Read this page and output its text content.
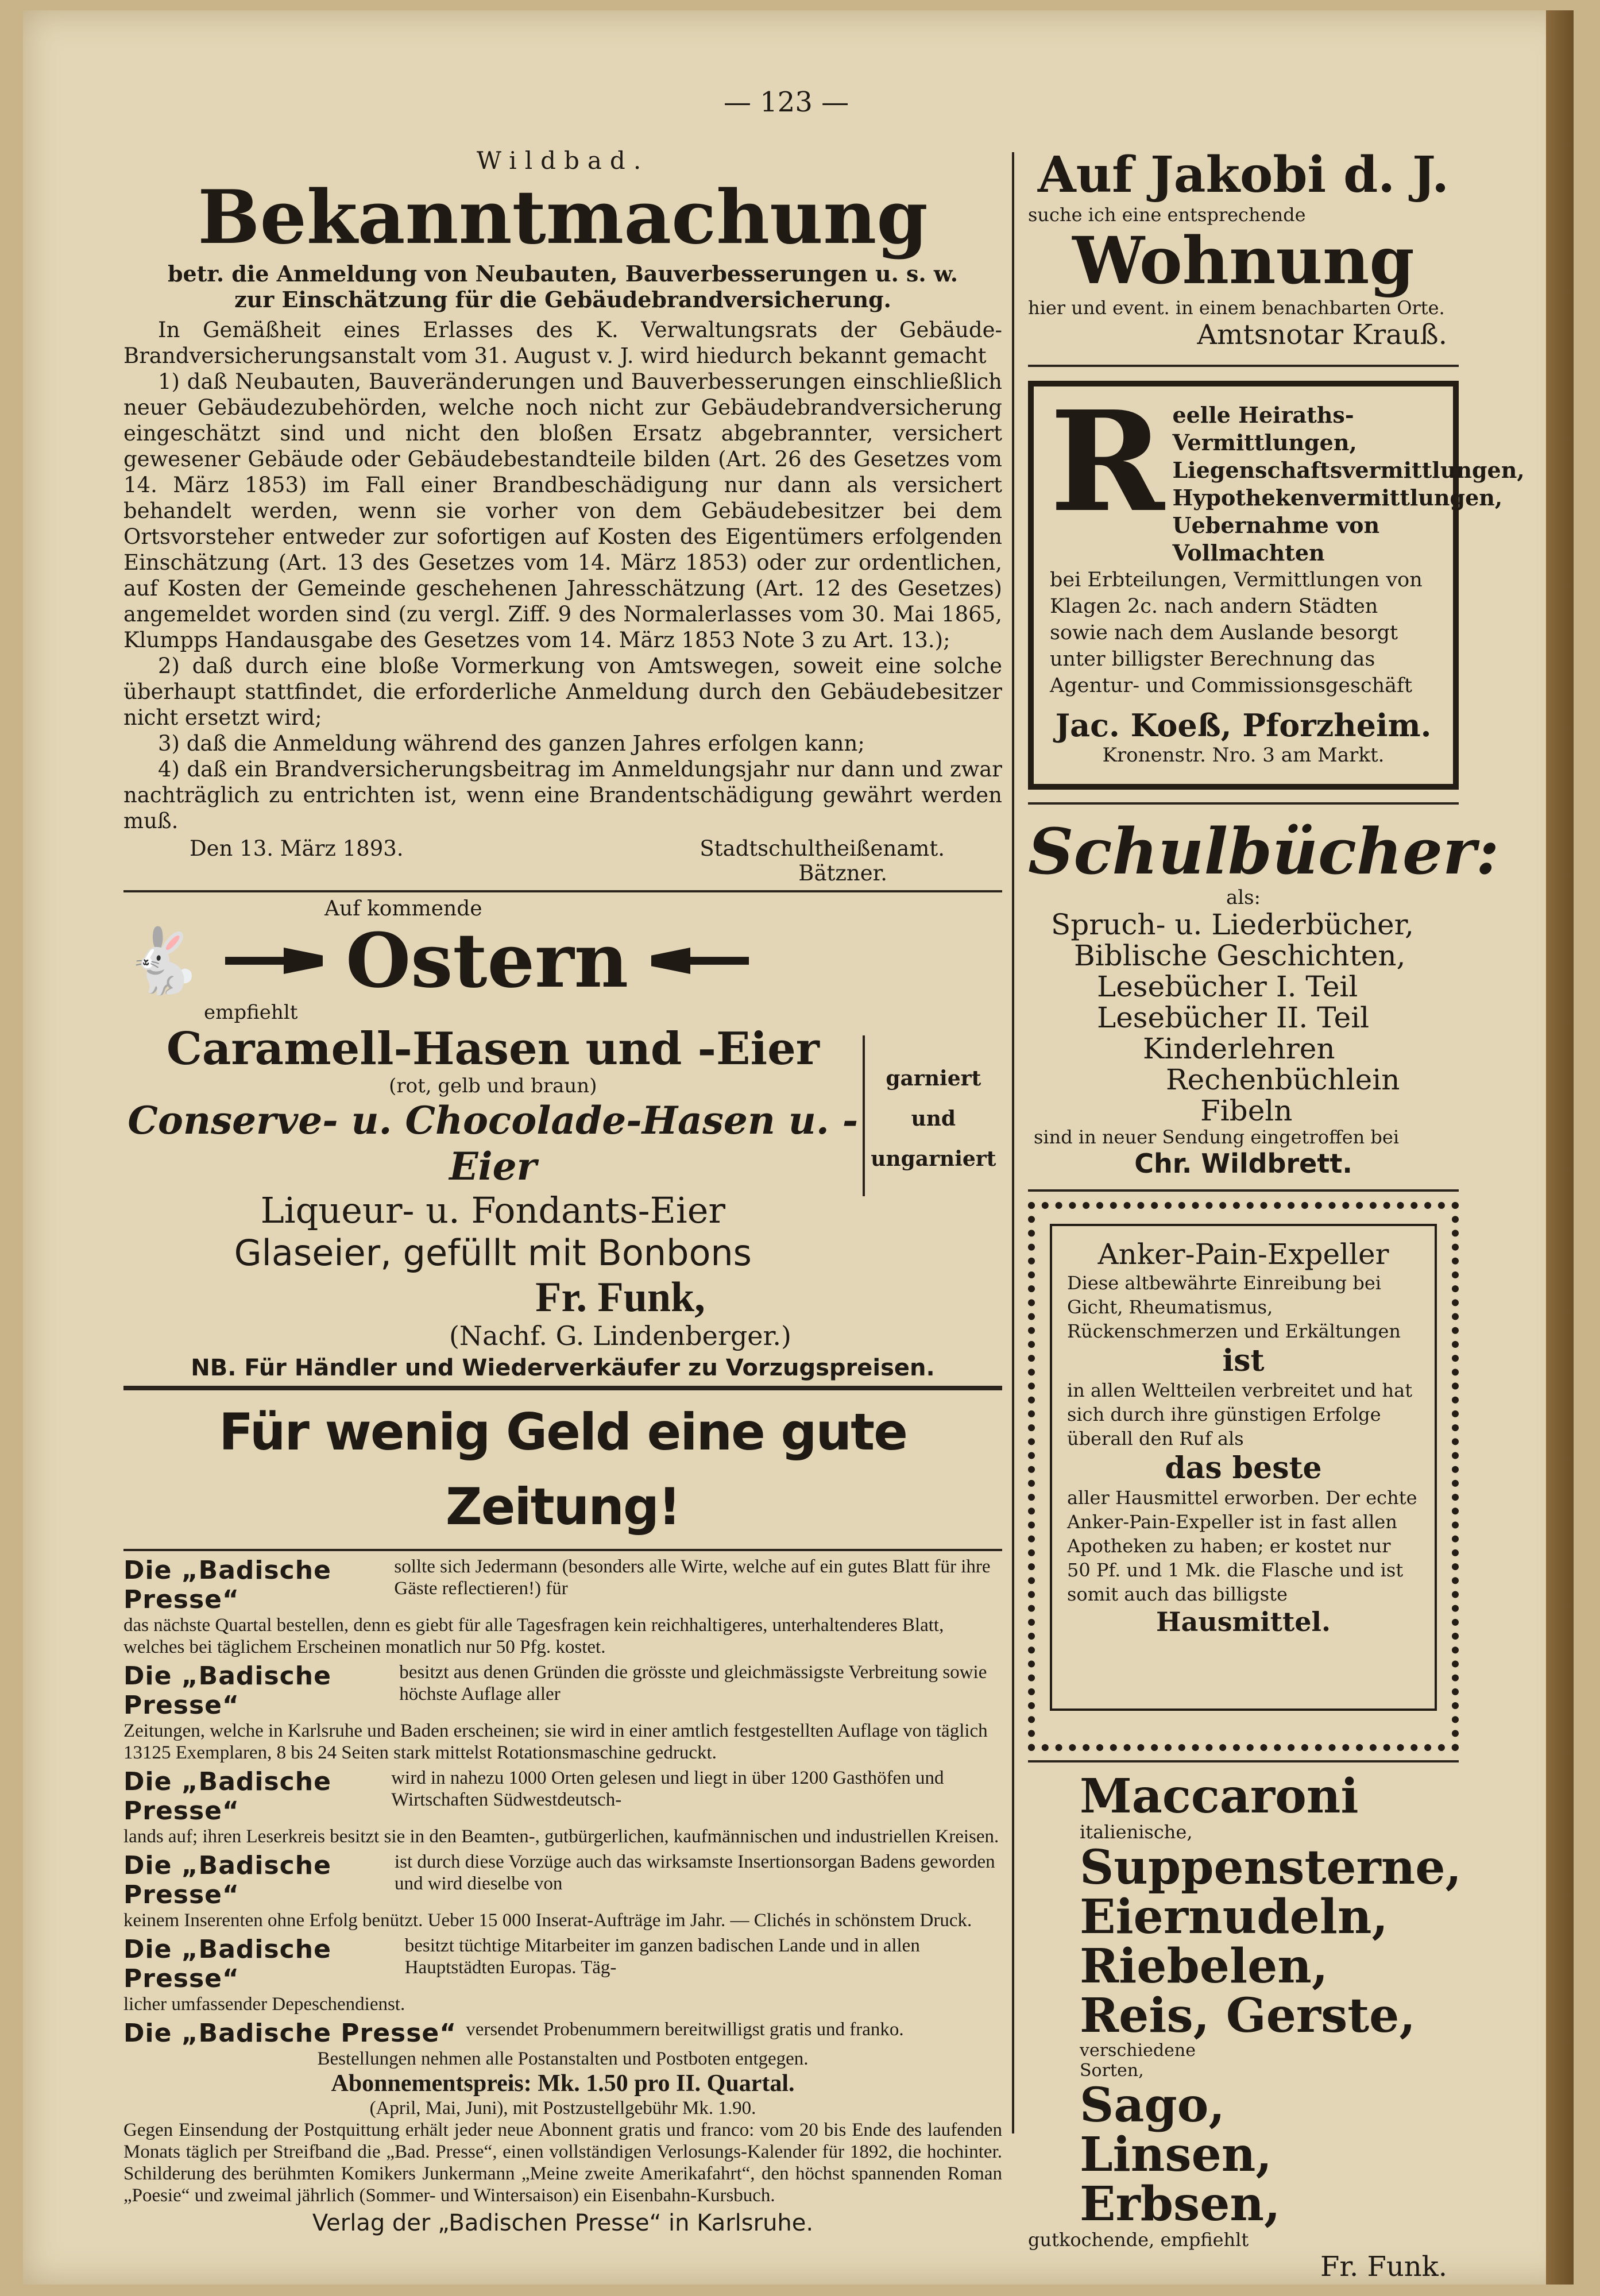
— 123 —
Wildbad.
Bekanntmachung
betr. die Anmeldung von Neubauten, Bauverbesserungen u. s. w.
zur Einschätzung für die Gebäudebrandversicherung.

In Gemäßheit eines Erlasses des K. Verwaltungsrats der Gebäude-Brandversicherungsanstalt vom 31. August v. J. wird hiedurch bekannt gemacht

1) daß Neubauten, Bauveränderungen und Bauverbesserungen einschließlich neuer Gebäudezubehörden, welche noch nicht zur Gebäudebrandversicherung eingeschätzt sind und nicht den bloßen Ersatz abgebrannter, versichert gewesener Gebäude oder Gebäudebestandteile bilden (Art. 26 des Gesetzes vom 14. März 1853) im Fall einer Brandbeschädigung nur dann als versichert behandelt werden, wenn sie vorher von dem Gebäudebesitzer bei dem Ortsvorsteher entweder zur sofortigen auf Kosten des Eigentümers erfolgenden Einschätzung (Art. 13 des Gesetzes vom 14. März 1853) oder zur ordentlichen, auf Kosten der Gemeinde geschehenen Jahresschätzung (Art. 12 des Gesetzes) angemeldet worden sind (zu vergl. Ziff. 9 des Normalerlasses vom 30. Mai 1865, Klumpps Handausgabe des Gesetzes vom 14. März 1853 Note 3 zu Art. 13.);

2) daß durch eine bloße Vormerkung von Amtswegen, soweit eine solche überhaupt stattfindet, die erforderliche Anmeldung durch den Gebäudebesitzer nicht ersetzt wird;

3) daß die Anmeldung während des ganzen Jahres erfolgen kann;

4) daß ein Brandversicherungsbeitrag im Anmeldungsjahr nur dann und zwar nachträglich zu entrichten ist, wenn eine Brandentschädigung gewährt werden muß.

Den 13. März 1893.	Stadtschultheißenamt.
Bätzner.
Auf kommende
🐇 Ostern
empfiehlt
Caramell-Hasen und -Eier
(rot, gelb und braun)
Conserve- u. Chocolade-Hasen u. -Eier
Liqueur- u. Fondants-Eier
Glaseier, gefüllt mit Bonbons
garniert
und
ungarniert
Fr. Funk,
(Nachf. G. Lindenberger.)
NB. Für Händler und Wiederverkäufer zu Vorzugspreisen.
Für wenig Geld eine gute Zeitung!
Die „Badische Presse“
sollte sich Jedermann (besonders alle Wirte, welche auf ein gutes Blatt für ihre Gäste reflectieren!) für
das nächste Quartal bestellen, denn es giebt für alle Tagesfragen kein reichhaltigeres, unterhaltenderes Blatt, welches bei täglichem Erscheinen monatlich nur 50 Pfg. kostet.
Die „Badische Presse“
besitzt aus denen Gründen die grösste und gleichmässigste Verbreitung sowie höchste Auflage aller
Zeitungen, welche in Karlsruhe und Baden erscheinen; sie wird in einer amtlich festgestellten Auflage von täglich 13125 Exemplaren, 8 bis 24 Seiten stark mittelst Rotationsmaschine gedruckt.
Die „Badische Presse“
wird in nahezu 1000 Orten gelesen und liegt in über 1200 Gasthöfen und Wirtschaften Südwestdeutsch-
lands auf; ihren Leserkreis besitzt sie in den Beamten-, gutbürgerlichen, kaufmännischen und industriellen Kreisen.
Die „Badische Presse“
ist durch diese Vorzüge auch das wirksamste Insertionsorgan Badens geworden und wird dieselbe von
keinem Inserenten ohne Erfolg benützt. Ueber 15 000 Inserat-Aufträge im Jahr. — Clichés in schönstem Druck.
Die „Badische Presse“
besitzt tüchtige Mitarbeiter im ganzen badischen Lande und in allen Hauptstädten Europas. Täg-
licher umfassender Depeschendienst.
Die „Badische Presse“ versendet Probenummern bereitwilligst gratis und franko.
Bestellungen nehmen alle Postanstalten und Postboten entgegen.
Abonnementspreis: Mk. 1.50 pro II. Quartal.
(April, Mai, Juni), mit Postzustellgebühr Mk. 1.90.
Gegen Einsendung der Postquittung erhält jeder neue Abonnent gratis und franco: vom 20 bis Ende des laufenden Monats täglich per Streifband die „Bad. Presse“, einen vollständigen Verlosungs-Kalender für 1892, die hochinter. Schilderung des berühmten Komikers Junkermann „Meine zweite Amerikafahrt“, den höchst spannenden Roman „Poesie“ und zweimal jährlich (Sommer- und Wintersaison) ein Eisenbahn-Kursbuch.
Verlag der „Badischen Presse“ in Karlsruhe.
Auf Jakobi d. J.
suche ich eine entsprechende
Wohnung
hier und event. in einem benachbarten Orte.
Amtsnotar Krauß.
R eelle Heiraths-Vermittlungen, Liegenschaftsvermittlungen, Hypothekenvermittlungen, Uebernahme von Vollmachten
bei Erbteilungen, Vermittlungen von Klagen 2c. nach andern Städten sowie nach dem Auslande besorgt unter billigster Berechnung das Agentur- und Commissionsgeschäft
Jac. Koeß, Pforzheim.
Kronenstr. Nro. 3 am Markt.
Schulbücher:
als:
Spruch- u. Liederbücher,
Biblische Geschichten,
Lesebücher I. Teil
Lesebücher II. Teil
Kinderlehren
Rechenbüchlein
Fibeln
sind in neuer Sendung eingetroffen bei
Chr. Wildbrett.
Anker-Pain-Expeller
Diese altbewährte Einreibung bei Gicht, Rheumatismus, Rückenschmerzen und Erkältungen
ist
in allen Weltteilen verbreitet und hat sich durch ihre günstigen Erfolge überall den Ruf als
das beste
aller Hausmittel erworben. Der echte Anker-Pain-Expeller ist in fast allen Apotheken zu haben; er kostet nur 50 Pf. und 1 Mk. die Flasche und ist somit auch das billigste
Hausmittel.
Maccaroni italienische,
Suppensterne,
Eiernudeln,
Riebelen,
Reis, Gerste, verschiedene Sorten,
Sago,
Linsen, Erbsen,
gutkochende, empfiehlt
Fr. Funk.
